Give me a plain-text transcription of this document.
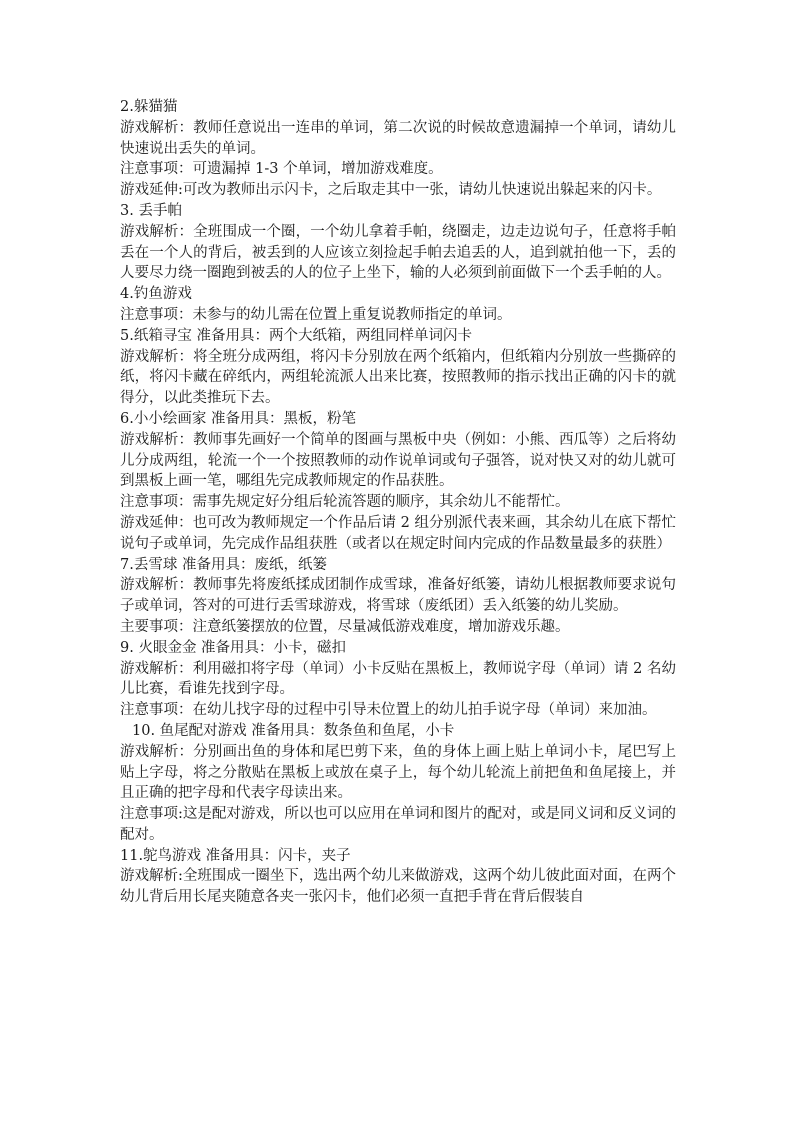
2.躲猫猫

游戏解析：教师任意说出一连串的单词，第二次说的时候故意遗漏掉一个单词，请幼儿快速说出丢失的单词。

注意事项：可遗漏掉 1-3 个单词，增加游戏难度。

游戏延伸:可改为教师出示闪卡，之后取走其中一张，请幼儿快速说出躲起来的闪卡。

3. 丢手帕

游戏解析：全班围成一个圈，一个幼儿拿着手帕，绕圈走，边走边说句子，任意将手帕丢在一个人的背后，被丢到的人应该立刻捡起手帕去追丢的人，追到就拍他一下，丢的人要尽力绕一圈跑到被丢的人的位子上坐下，输的人必须到前面做下一个丢手帕的人。

4.钓鱼游戏

注意事项：未参与的幼儿需在位置上重复说教师指定的单词。

5.纸箱寻宝 准备用具：两个大纸箱，两组同样单词闪卡

游戏解析：将全班分成两组，将闪卡分别放在两个纸箱内，但纸箱内分别放一些撕碎的纸，将闪卡藏在碎纸内，两组轮流派人出来比赛，按照教师的指示找出正确的闪卡的就得分，以此类推玩下去。

6.小小绘画家 准备用具：黑板，粉笔

游戏解析：教师事先画好一个简单的图画与黑板中央（例如：小熊、西瓜等）之后将幼儿分成两组，轮流一个一个按照教师的动作说单词或句子强答，说对快又对的幼儿就可到黑板上画一笔，哪组先完成教师规定的作品获胜。

注意事项：需事先规定好分组后轮流答题的顺序，其余幼儿不能帮忙。

游戏延伸：也可改为教师规定一个作品后请 2 组分别派代表来画，其余幼儿在底下帮忙说句子或单词，先完成作品组获胜（或者以在规定时间内完成的作品数量最多的获胜）

7.丢雪球 准备用具：废纸，纸篓

游戏解析：教师事先将废纸揉成团制作成雪球，准备好纸篓，请幼儿根据教师要求说句子或单词，答对的可进行丢雪球游戏，将雪球（废纸团）丢入纸篓的幼儿奖励。

主要事项：注意纸篓摆放的位置，尽量减低游戏难度，增加游戏乐趣。

9. 火眼金金 准备用具：小卡，磁扣

游戏解析：利用磁扣将字母（单词）小卡反贴在黑板上，教师说字母（单词）请 2 名幼儿比赛，看谁先找到字母。

注意事项：在幼儿找字母的过程中引导未位置上的幼儿拍手说字母（单词）来加油。

10. 鱼尾配对游戏 准备用具：数条鱼和鱼尾，小卡

游戏解析：分别画出鱼的身体和尾巴剪下来，鱼的身体上画上贴上单词小卡，尾巴写上贴上字母，将之分散贴在黑板上或放在桌子上，每个幼儿轮流上前把鱼和鱼尾接上，并且正确的把字母和代表字母读出来。

注意事项:这是配对游戏，所以也可以应用在单词和图片的配对，或是同义词和反义词的配对。

11.鸵鸟游戏 准备用具：闪卡，夹子

游戏解析:全班围成一圈坐下，选出两个幼儿来做游戏，这两个幼儿彼此面对面，在两个幼儿背后用长尾夹随意各夹一张闪卡，他们必须一直把手背在背后假装自
